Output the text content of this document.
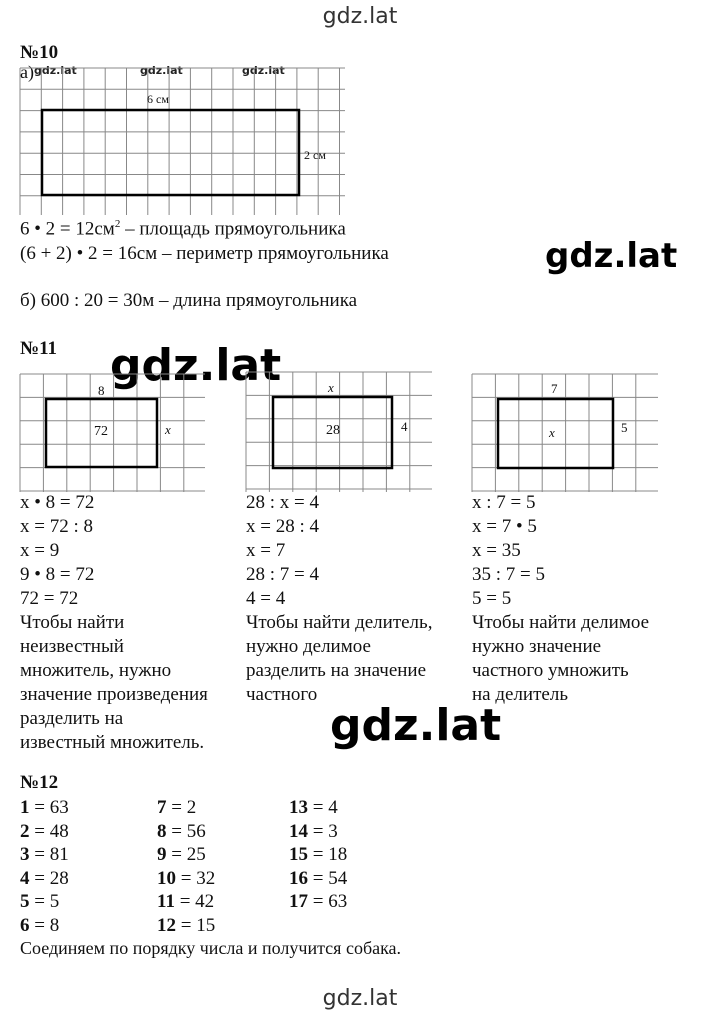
gdz.lat
№10
а) gdz.lat	gdz.lat	gdz.lat
6 см
2 см
6 • $2 = 12см^2$ – площадь прямоугольника
(6 + 2) • 2 = 16см – периметр прямоугольника	gdz.lat
б) 600 : 20 = 30м – длина прямоугольника
№11 gdz.lat
8
72	x
x
28	4
7
x	5
x • 8 = 72
x = 72 : 8
x = 9
9 • 8 = 72
72 = 72
Чтобы найти
неизвестный
множитель, нужно
значение произведения
разделить на
известный множитель.
28 : x = 4
x = 28 : 4
x = 7
28 : 7 = 4
4 = 4
Чтобы найти делитель,
нужно делимое
разделить на значение
частного
x : 7 = 5
x = 7 • 5
x = 35
35 : 7 = 5
5 = 5
Чтобы найти делимое
нужно значение
частного умножить
на делитель
gdz.lat
№12
1 = 63
2 = 48
3 = 81
4 = 28
5 = 5
6 = 8
7 = 2
8 = 56
9 = 25
10 = 32
11 = 42
12 = 15
13 = 4
14 = 3
15 = 18
16 = 54
17 = 63
Соединяем по порядку числа и получится собака.
gdz.lat
